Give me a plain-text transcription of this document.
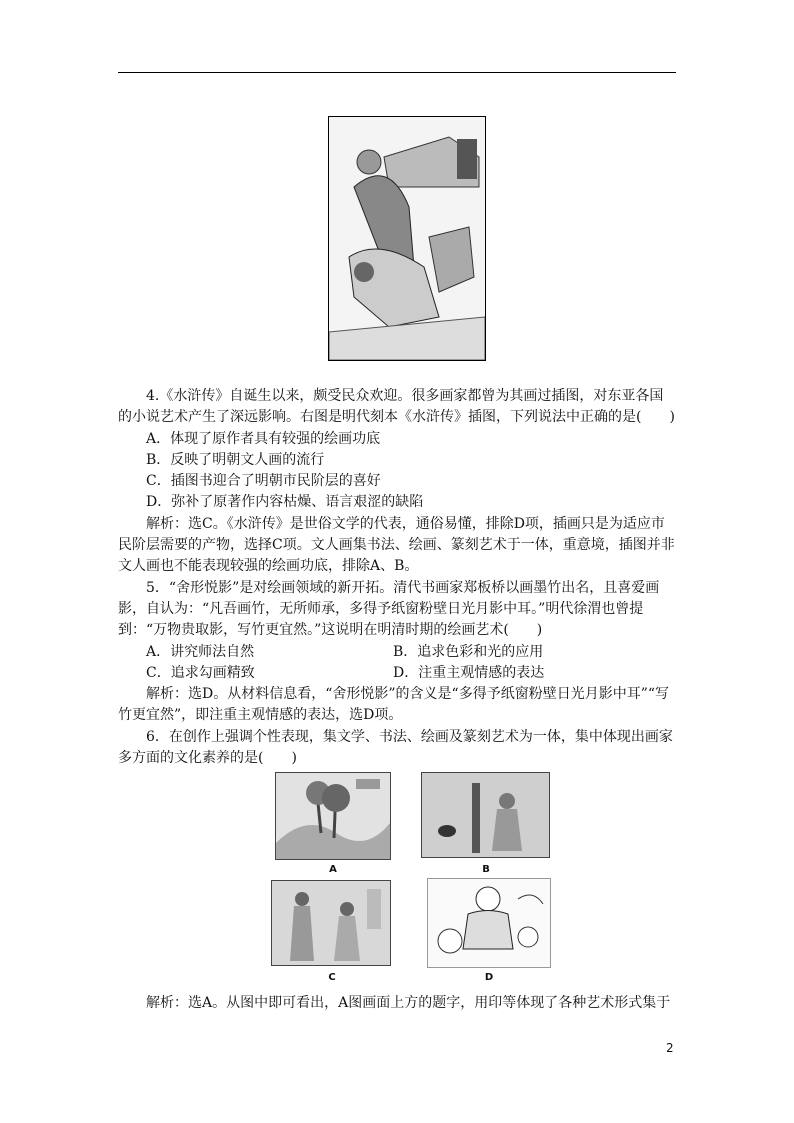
4.《水浒传》自诞生以来，颇受民众欢迎。很多画家都曾为其画过插图，对东亚各国的小说艺术产生了深远影响。右图是明代刻本《水浒传》插图，下列说法中正确的是(　　)

A．体现了原作者具有较强的绘画功底

B．反映了明朝文人画的流行

C．插图书迎合了明朝市民阶层的喜好

D．弥补了原著作内容枯燥、语言艰涩的缺陷

解析：选C。《水浒传》是世俗文学的代表，通俗易懂，排除D项，插画只是为适应市民阶层需要的产物，选择C项。文人画集书法、绘画、篆刻艺术于一体，重意境，插图并非文人画也不能表现较强的绘画功底，排除A、B。

5．“舍形悦影”是对绘画领域的新开拓。清代书画家郑板桥以画墨竹出名，且喜爱画影，自认为：“凡吾画竹，无所师承，多得予纸窗粉壁日光月影中耳。”明代徐渭也曾提到：“万物贵取影，写竹更宜然。”这说明在明清时期的绘画艺术(　　)

A．讲究师法自然	B．追求色彩和光的应用
C．追求勾画精致	D．注重主观情感的表达

解析：选D。从材料信息看，“舍形悦影”的含义是“多得予纸窗粉壁日光月影中耳”“写竹更宜然”，即注重主观情感的表达，选D项。

6．在创作上强调个性表现，集文学、书法、绘画及篆刻艺术为一体，集中体现出画家多方面的文化素养的是(　　)

A	B
C	D

解析：选A。从图中即可看出，A图画面上方的题字，用印等体现了各种艺术形式集于

2
